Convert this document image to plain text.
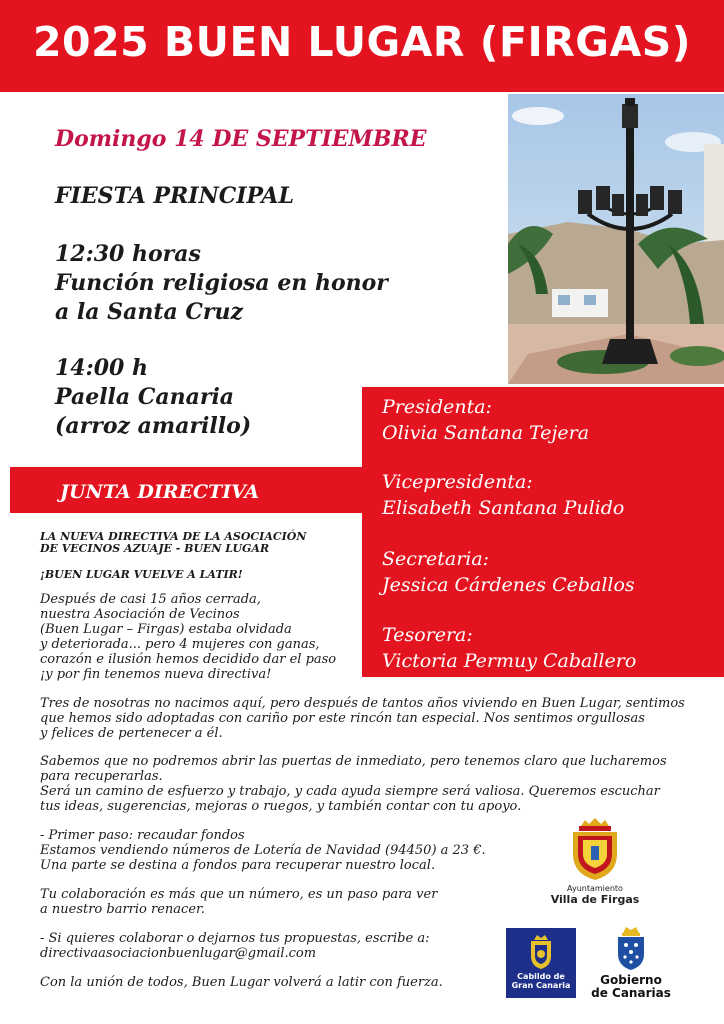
2025 BUEN LUGAR (FIRGAS)
Domingo 14 DE SEPTIEMBRE
FIESTA PRINCIPAL
12:30 horas
Función religiosa en honor
a la Santa Cruz
14:00 h
Paella Canaria
(arroz amarillo)
JUNTA DIRECTIVA
Presidenta:
Olivia Santana Tejera
Vicepresidenta:
Elisabeth Santana Pulido
Secretaria:
Jessica Cárdenes Ceballos
Tesorera:
Victoria Permuy Caballero
LA NUEVA DIRECTIVA DE LA ASOCIACIÓN
DE VECINOS AZUAJE - BUEN LUGAR
¡BUEN LUGAR VUELVE A LATIR!
Después de casi 15 años cerrada,
nuestra Asociación de Vecinos
(Buen Lugar – Firgas) estaba olvidada
y deteriorada... pero 4 mujeres con ganas,
corazón e ilusión hemos decidido dar el paso
¡y por fin tenemos nueva directiva!
Tres de nosotras no nacimos aquí, pero después de tantos años viviendo en Buen Lugar, sentimos
que hemos sido adoptadas con cariño por este rincón tan especial. Nos sentimos orgullosas
y felices de pertenecer a él.
Sabemos que no podremos abrir las puertas de inmediato, pero tenemos claro que lucharemos
para recuperarlas.
Será un camino de esfuerzo y trabajo, y cada ayuda siempre será valiosa. Queremos escuchar
tus ideas, sugerencias, mejoras o ruegos, y también contar con tu apoyo.
- Primer paso: recaudar fondos
Estamos vendiendo números de Lotería de Navidad (94450) a 23 €.
Una parte se destina a fondos para recuperar nuestro local.
Tu colaboración es más que un número, es un paso para ver
a nuestro barrio renacer.
- Si quieres colaborar o dejarnos tus propuestas, escribe a:
directivaasociacionbuenlugar@gmail.com
Con la unión de todos, Buen Lugar volverá a latir con fuerza.
Ayuntamiento
Villa de Firgas
Cabildo de
Gran Canaria	Gobierno
de Canarias
